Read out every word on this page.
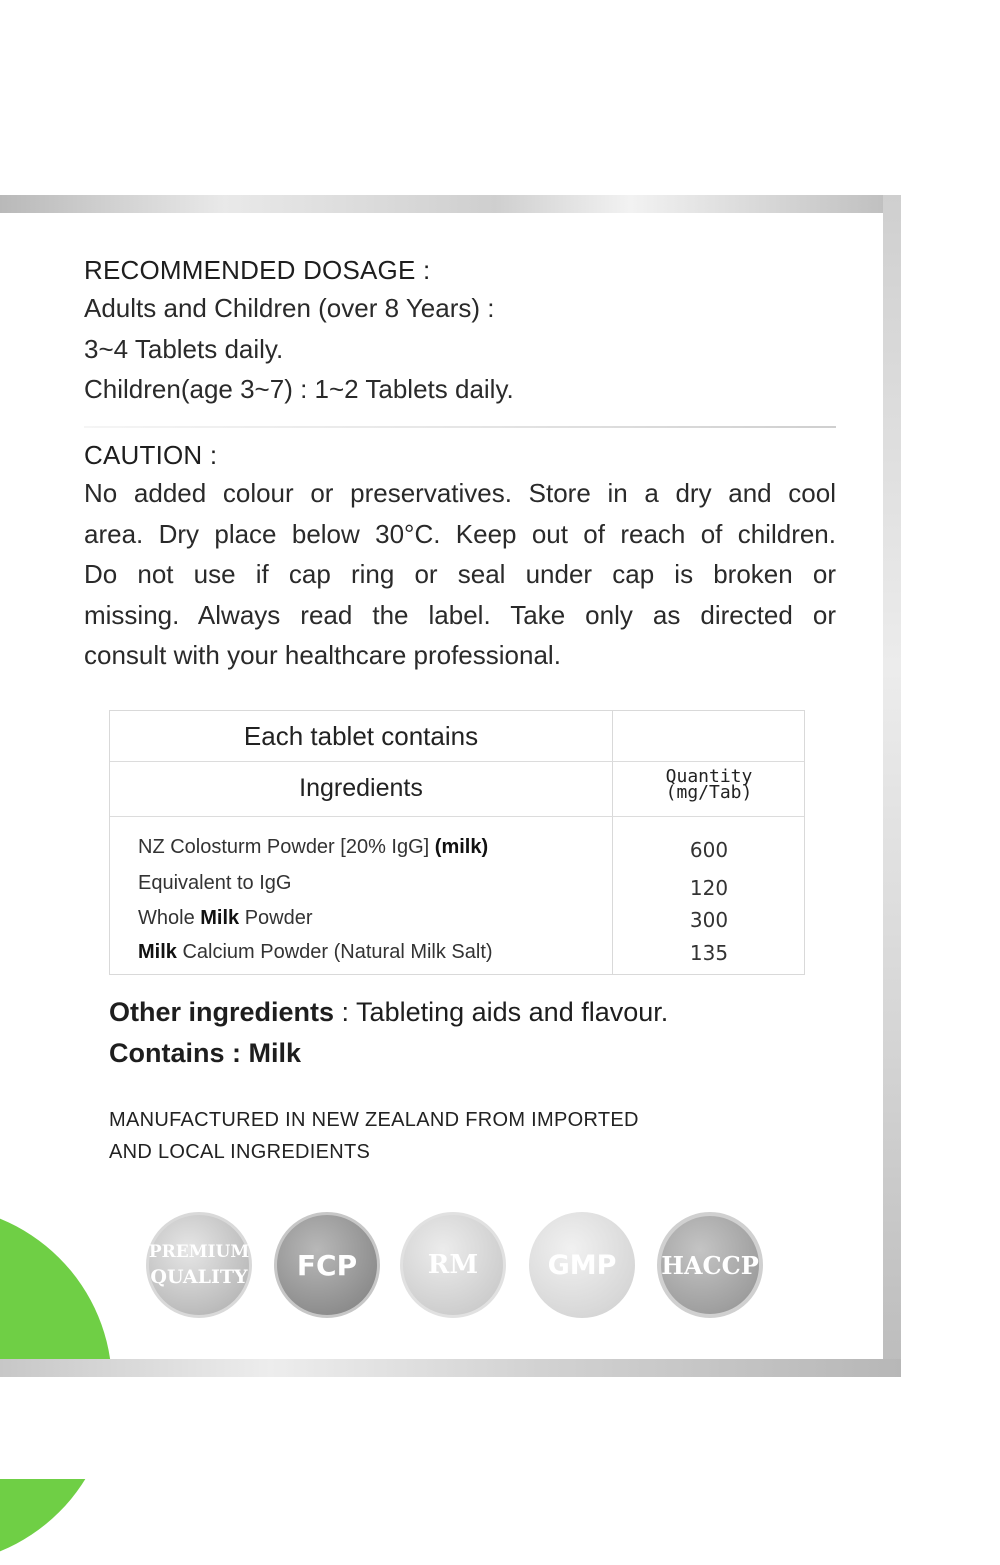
RECOMMENDED DOSAGE :
Adults and Children (over 8 Years) :
3~4 Tablets daily.
Children(age 3~7) : 1~2 Tablets daily.
CAUTION :
No added colour or preservatives. Store in a dry and cool
area. Dry place below 30°C. Keep out of reach of children.
Do not use if cap ring or seal under cap is broken or
missing. Always read the label. Take only as directed or
consult with your healthcare professional.
Each tablet contains
Ingredients	Quantity
(mg/Tab)
NZ Colosturm Powder [20% IgG] (milk)	600
Equivalent to IgG	120
Whole Milk Powder	300
Milk Calcium Powder (Natural Milk Salt)	135
Other ingredients : Tableting aids and flavour.
Contains : Milk
MANUFACTURED IN NEW ZEALAND FROM IMPORTED
AND LOCAL INGREDIENTS
PREMIUM
QUALITY FCP	RM	GMP HACCP
